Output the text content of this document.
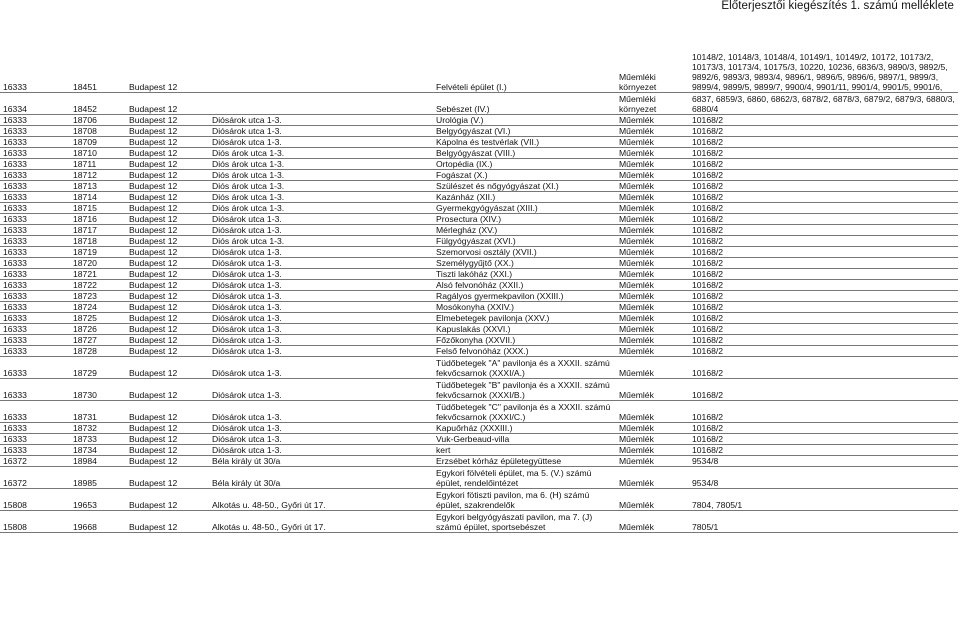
Előterjesztői kiegészítés 1. számú melléklete
16333	18451	Budapest 12		Felvételi épület (I.)	Műemléki környezet	10148/2, 10148/3, 10148/4, 10149/1, 10149/2, 10172, 10173/2, 10173/3, 10173/4, 10175/3, 10220, 10236, 6836/3, 9890/3, 9892/5, 9892/6, 9893/3, 9893/4, 9896/1, 9896/5, 9896/6, 9897/1, 9899/3, 9899/4, 9899/5, 9899/7, 9900/4, 9901/11, 9901/4, 9901/5, 9901/6,
16334	18452	Budapest 12		Sebészet (IV.)	Műemléki környezet	6837, 6859/3, 6860, 6862/3, 6878/2, 6878/3, 6879/2, 6879/3, 6880/3, 6880/4
16333	18706	Budapest 12	Diósárok utca 1-3.	Urológia (V.)	Műemlék	10168/2
16333	18708	Budapest 12	Diósárok utca 1-3.	Belgyógyászat (VI.)	Műemlék	10168/2
16333	18709	Budapest 12	Diósárok utca 1-3.	Kápolna és testvérlak (VII.)	Műemlék	10168/2
16333	18710	Budapest 12	Diós árok utca 1-3.	Belgyógyászat (VIII.)	Műemlék	10168/2
16333	18711	Budapest 12	Diós árok utca 1-3.	Ortopédia (IX.)	Műemlék	10168/2
16333	18712	Budapest 12	Diós árok utca 1-3.	Fogászat (X.)	Műemlék	10168/2
16333	18713	Budapest 12	Diós árok utca 1-3.	Szülészet és nőgyógyászat (XI.)	Műemlék	10168/2
16333	18714	Budapest 12	Diós árok utca 1-3.	Kazánház (XII.)	Műemlék	10168/2
16333	18715	Budapest 12	Diós árok utca 1-3.	Gyermekgyógyászat (XIII.)	Műemlék	10168/2
16333	18716	Budapest 12	Diósárok utca 1-3.	Prosectura (XIV.)	Műemlék	10168/2
16333	18717	Budapest 12	Diósárok utca 1-3.	Mérlegház (XV.)	Műemlék	10168/2
16333	18718	Budapest 12	Diós árok utca 1-3.	Fülgyógyászat (XVI.)	Műemlék	10168/2
16333	18719	Budapest 12	Diósárok utca 1-3.	Szemorvosi osztály (XVII.)	Műemlék	10168/2
16333	18720	Budapest 12	Diósárok utca 1-3.	Személygyűjtő (XX.)	Műemlék	10168/2
16333	18721	Budapest 12	Diósárok utca 1-3.	Tiszti lakóház (XXI.)	Műemlék	10168/2
16333	18722	Budapest 12	Diósárok utca 1-3.	Alsó felvonóház (XXII.)	Műemlék	10168/2
16333	18723	Budapest 12	Diósárok utca 1-3.	Ragályos gyermekpavilon (XXIII.)	Műemlék	10168/2
16333	18724	Budapest 12	Diósárok utca 1-3.	Mosókonyha (XXIV.)	Műemlék	10168/2
16333	18725	Budapest 12	Diósárok utca 1-3.	Elmebetegek pavilonja (XXV.)	Műemlék	10168/2
16333	18726	Budapest 12	Diósárok utca 1-3.	Kapuslakás (XXVI.)	Műemlék	10168/2
16333	18727	Budapest 12	Diósárok utca 1-3.	Főzőkonyha (XXVII.)	Műemlék	10168/2
16333	18728	Budapest 12	Diósárok utca 1-3.	Felső felvonóház (XXX.)	Műemlék	10168/2
16333	18729	Budapest 12	Diósárok utca 1-3.	Tüdőbetegek "A" pavilonja és a XXXII. számú fekvőcsarnok (XXXI/A.)	Műemlék	10168/2
16333	18730	Budapest 12	Diósárok utca 1-3.	Tüdőbetegek "B" pavilonja és a XXXII. számú fekvőcsarnok (XXXI/B.)	Műemlék	10168/2
16333	18731	Budapest 12	Diósárok utca 1-3.	Tüdőbetegek "C" pavilonja és a XXXII. számú fekvőcsarnok (XXXI/C.)	Műemlék	10168/2
16333	18732	Budapest 12	Diósárok utca 1-3.	Kapuőrház (XXXIII.)	Műemlék	10168/2
16333	18733	Budapest 12	Diósárok utca 1-3.	Vuk-Gerbeaud-villa	Műemlék	10168/2
16333	18734	Budapest 12	Diósárok utca 1-3.	kert	Műemlék	10168/2
16372	18984	Budapest 12	Béla király út 30/a	Erzsébet kórház épületegyüttese	Műemlék	9534/8
16372	18985	Budapest 12	Béla király út 30/a	Egykori fölvételi épület, ma 5. (V.) számú épület, rendelőintézet	Műemlék	9534/8
15808	19653	Budapest 12	Alkotás u. 48-50., Győri út 17.	Egykori fötiszti pavilon, ma 6. (H) számú épület, szakrendelők	Műemlék	7804, 7805/1
15808	19668	Budapest 12	Alkotás u. 48-50., Győri út 17.	Egykori belgyógyászati pavilon, ma 7. (J) számú épület, sportsebészet	Műemlék	7805/1
